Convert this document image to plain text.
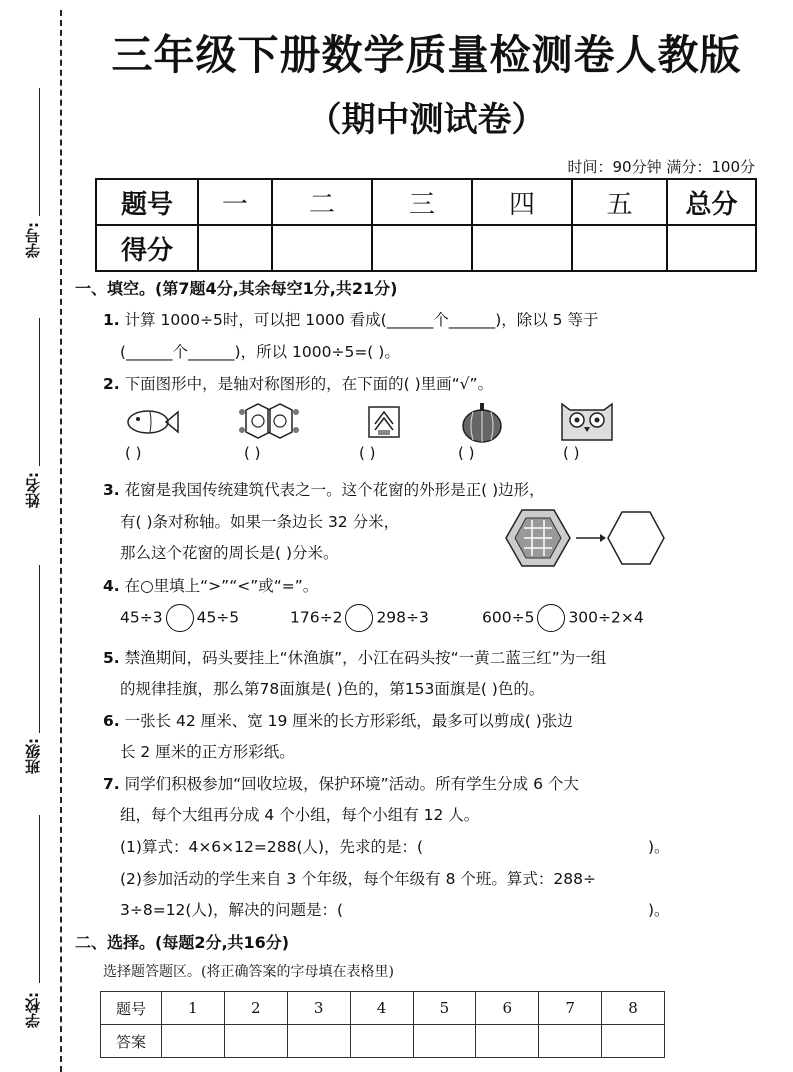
学号:
姓名:
班级:
学校:
三年级下册数学质量检测卷人教版
（期中测试卷）
时间：90分钟 满分：100分
题号	一	二	三	四	五	总分
得分						
一、填空。(第7题4分,其余每空1分,共21分)
1. 计算 1000÷5时，可以把 1000 看成(______个______)，除以 5 等于
(______个______)，所以 1000÷5=( )。
2. 下面图形中，是轴对称图形的，在下面的( )里画“√”。
( )	( )	( )	( )	( )
3. 花窗是我国传统建筑代表之一。这个花窗的外形是正( )边形，
有( )条对称轴。如果一条边长 32 分米，
那么这个花窗的周长是( )分米。
4. 在○里填上“>”“<”或“=”。
45÷3 45÷5	176÷2 298÷3	600÷5 300÷2×4
5. 禁渔期间，码头要挂上“休渔旗”，小江在码头按“一黄二蓝三红”为一组
的规律挂旗，那么第78面旗是( )色的，第153面旗是( )色的。
6. 一张长 42 厘米、宽 19 厘米的长方形彩纸，最多可以剪成( )张边
长 2 厘米的正方形彩纸。
7. 同学们积极参加“回收垃圾，保护环境”活动。所有学生分成 6 个大
组，每个大组再分成 4 个小组，每个小组有 12 人。
(1)算式：4×6×12=288(人)，先求的是：(	)。
(2)参加活动的学生来自 3 个年级，每个年级有 8 个班。算式：288÷
3÷8=12(人)，解决的问题是：(	)。
二、选择。(每题2分,共16分)
选择题答题区。(将正确答案的字母填在表格里)
题号	1	2	3	4	5	6	7	8
答案								
